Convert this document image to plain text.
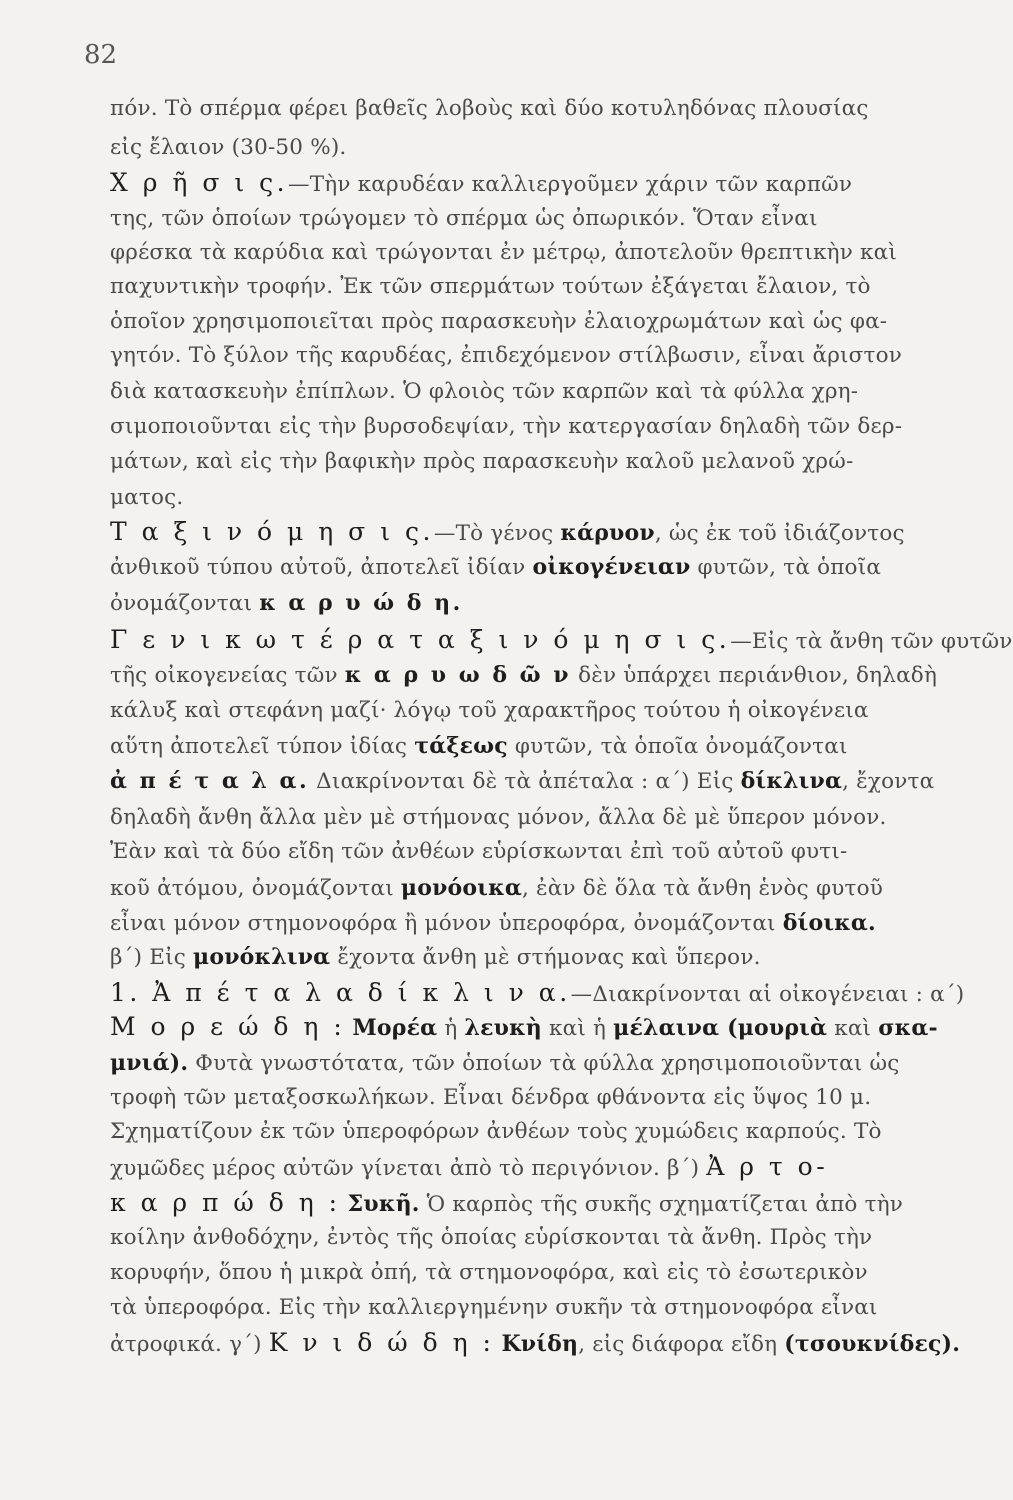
82
πόν. Τὸ σπέρμα φέρει βαθεῖς λοβοὺς καὶ δύο κοτυληδόνας πλουσίας
εἰς ἔλαιον (30-50 %).
Χ ρ ῆ σ ι ς.—Τὴν καρυδέαν καλλιεργοῦμεν χάριν τῶν καρπῶν
της, τῶν ὁποίων τρώγομεν τὸ σπέρμα ὡς ὀπωρικόν. Ὅταν εἶναι
φρέσκα τὰ καρύδια καὶ τρώγονται ἐν μέτρῳ, ἀποτελοῦν θρεπτικὴν καὶ
παχυντικὴν τροφήν. Ἐκ τῶν σπερμάτων τούτων ἐξάγεται ἔλαιον, τὸ
ὁποῖον χρησιμοποιεῖται πρὸς παρασκευὴν ἐλαιοχρωμάτων καὶ ὡς φα-
γητόν. Τὸ ξύλον τῆς καρυδέας, ἐπιδεχόμενον στίλβωσιν, εἶναι ἄριστον
διὰ κατασκευὴν ἐπίπλων. Ὁ φλοιὸς τῶν καρπῶν καὶ τὰ φύλλα χρη-
σιμοποιοῦνται εἰς τὴν βυρσοδεψίαν, τὴν κατεργασίαν δηλαδὴ τῶν δερ-
μάτων, καὶ εἰς τὴν βαφικὴν πρὸς παρασκευὴν καλοῦ μελανοῦ χρώ-
ματος.
Τ α ξ ι ν ό μ η σ ι ς.—Τὸ γένος κάρυον, ὡς ἐκ τοῦ ἰδιάζοντος
ἀνθικοῦ τύπου αὐτοῦ, ἀποτελεῖ ἰδίαν οἰκογένειαν φυτῶν, τὰ ὁποῖα
ὀνομάζονται κ α ρ υ ώ δ η.
Γ ε ν ι κ ω τ έ ρ α τ α ξ ι ν ό μ η σ ι ς.—Εἰς τὰ ἄνθη τῶν φυτῶν
τῆς οἰκογενείας τῶν κ α ρ υ ω δ ῶ ν δὲν ὑπάρχει περιάνθιον, δηλαδὴ
κάλυξ καὶ στεφάνη μαζί· λόγῳ τοῦ χαρακτῆρος τούτου ἡ οἰκογένεια
αὕτη ἀποτελεῖ τύπον ἰδίας τάξεως φυτῶν, τὰ ὁποῖα ὀνομάζονται
ἀ π έ τ α λ α. Διακρίνονται δὲ τὰ ἀπέταλα : α΄) Εἰς δίκλινα, ἔχοντα
δηλαδὴ ἄνθη ἄλλα μὲν μὲ στήμονας μόνον, ἄλλα δὲ μὲ ὕπερον μόνον.
Ἐὰν καὶ τὰ δύο εἴδη τῶν ἀνθέων εὑρίσκωνται ἐπὶ τοῦ αὐτοῦ φυτι-
κοῦ ἀτόμου, ὀνομάζονται μονόοικα, ἐὰν δὲ ὅλα τὰ ἄνθη ἑνὸς φυτοῦ
εἶναι μόνον στημονοφόρα ἢ μόνον ὑπεροφόρα, ὀνομάζονται δίοικα.
β΄) Εἰς μονόκλινα ἔχοντα ἄνθη μὲ στήμονας καὶ ὕπερον.
1. Ἀ π έ τ α λ α δ ί κ λ ι ν α.—Διακρίνονται αἱ οἰκογένειαι : α΄)
Μ ο ρ ε ώ δ η : Μορέα ἡ λευκὴ καὶ ἡ μέλαινα (μουριὰ καὶ σκα-
μνιά). Φυτὰ γνωστότατα, τῶν ὁποίων τὰ φύλλα χρησιμοποιοῦνται ὡς
τροφὴ τῶν μεταξοσκωλήκων. Εἶναι δένδρα φθάνοντα εἰς ὕψος 10 μ.
Σχηματίζουν ἐκ τῶν ὑπεροφόρων ἀνθέων τοὺς χυμώδεις καρπούς. Τὸ
χυμῶδες μέρος αὐτῶν γίνεται ἀπὸ τὸ περιγόνιον. β΄) Ἀ ρ τ ο-
κ α ρ π ώ δ η : Συκῆ. Ὁ καρπὸς τῆς συκῆς σχηματίζεται ἀπὸ τὴν
κοίλην ἀνθοδόχην, ἐντὸς τῆς ὁποίας εὑρίσκονται τὰ ἄνθη. Πρὸς τὴν
κορυφήν, ὅπου ἡ μικρὰ ὀπή, τὰ στημονοφόρα, καὶ εἰς τὸ ἐσωτερικὸν
τὰ ὑπεροφόρα. Εἰς τὴν καλλιεργημένην συκῆν τὰ στημονοφόρα εἶναι
ἀτροφικά. γ΄) Κ ν ι δ ώ δ η : Κνίδη, εἰς διάφορα εἴδη (τσουκνίδες).
